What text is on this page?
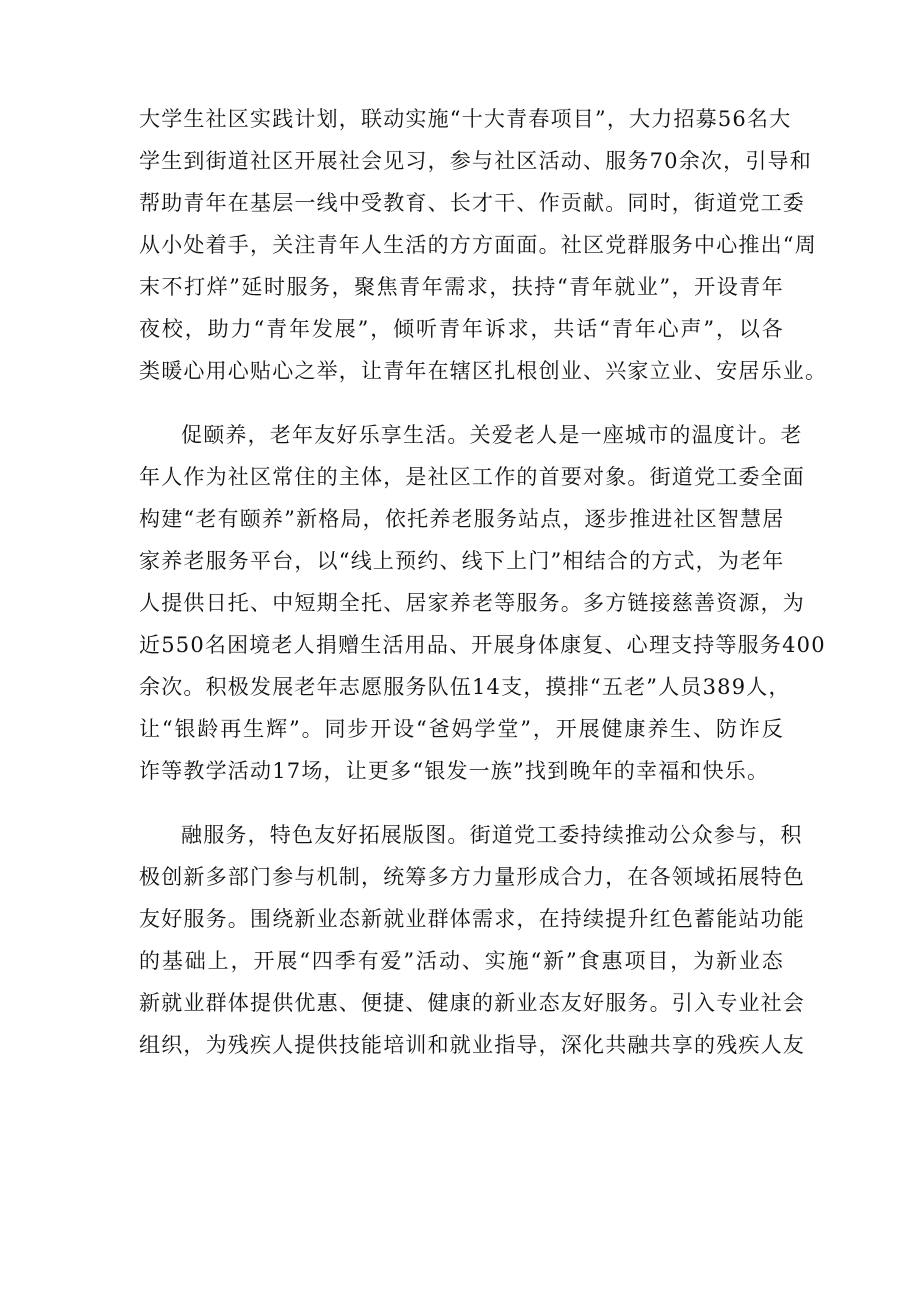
大学生社区实践计划，联动实施“十大青春项目”，大力招募56名大
学生到街道社区开展社会见习，参与社区活动、服务70余次，引导和
帮助青年在基层一线中受教育、长才干、作贡献。同时，街道党工委
从小处着手，关注青年人生活的方方面面。社区党群服务中心推出“周
末不打烊”延时服务，聚焦青年需求，扶持“青年就业”，开设青年
夜校，助力“青年发展”，倾听青年诉求，共话“青年心声”，以各
类暖心用心贴心之举，让青年在辖区扎根创业、兴家立业、安居乐业。

促颐养，老年友好乐享生活。关爱老人是一座城市的温度计。老
年人作为社区常住的主体，是社区工作的首要对象。街道党工委全面
构建“老有颐养”新格局，依托养老服务站点，逐步推进社区智慧居
家养老服务平台，以“线上预约、线下上门”相结合的方式，为老年
人提供日托、中短期全托、居家养老等服务。多方链接慈善资源，为
近550名困境老人捐赠生活用品、开展身体康复、心理支持等服务400
余次。积极发展老年志愿服务队伍14支，摸排“五老”人员389人，
让“银龄再生辉”。同步开设“爸妈学堂”，开展健康养生、防诈反
诈等教学活动17场，让更多“银发一族”找到晚年的幸福和快乐。

融服务，特色友好拓展版图。街道党工委持续推动公众参与，积
极创新多部门参与机制，统筹多方力量形成合力，在各领域拓展特色
友好服务。围绕新业态新就业群体需求，在持续提升红色蓄能站功能
的基础上，开展“四季有爱”活动、实施“新”食惠项目，为新业态
新就业群体提供优惠、便捷、健康的新业态友好服务。引入专业社会
组织，为残疾人提供技能培训和就业指导，深化共融共享的残疾人友
